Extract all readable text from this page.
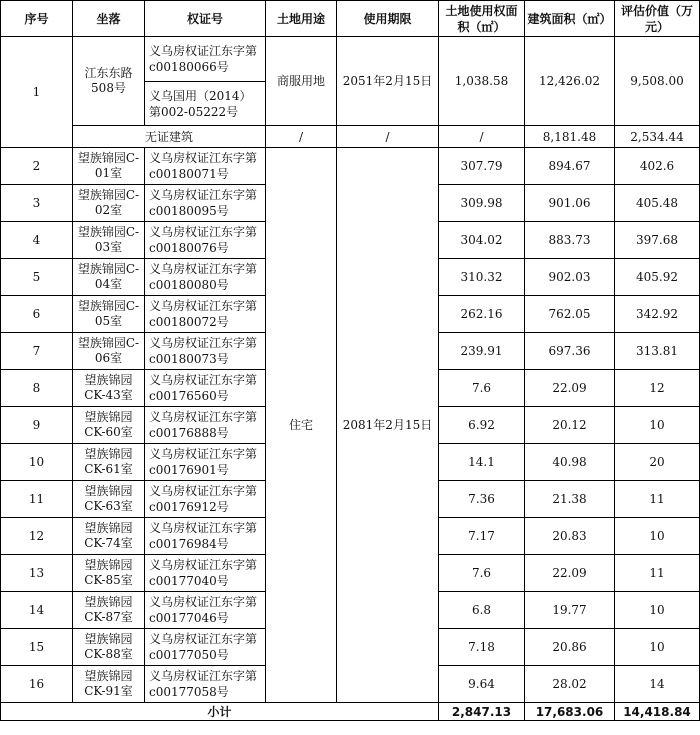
序号	坐落	权证号	土地用途	使用期限	土地使用权面积（㎡）	建筑面积（㎡）	评估价值（万元）
1	江东东路508号	义乌房权证江东字第c00180066号	商服用地	2051年2月15日	1,038.58	12,426.02	9,508.00
		义乌国用（2014）第002-05222号					
	无证建筑		/	/	/	8,181.48	2,534.44
2	望族锦园C-01室	义乌房权证江东字第c00180071号	住宅	2081年2月15日	307.79	894.67	402.6
3	望族锦园C-02室	义乌房权证江东字第c00180095号			309.98	901.06	405.48
4	望族锦园C-03室	义乌房权证江东字第c00180076号			304.02	883.73	397.68
5	望族锦园C-04室	义乌房权证江东字第c00180080号			310.32	902.03	405.92
6	望族锦园C-05室	义乌房权证江东字第c00180072号			262.16	762.05	342.92
7	望族锦园C-06室	义乌房权证江东字第c00180073号			239.91	697.36	313.81
8	望族锦园CK-43室	义乌房权证江东字第c00176560号			7.6	22.09	12
9	望族锦园CK-60室	义乌房权证江东字第c00176888号			6.92	20.12	10
10	望族锦园CK-61室	义乌房权证江东字第c00176901号			14.1	40.98	20
11	望族锦园CK-63室	义乌房权证江东字第c00176912号			7.36	21.38	11
12	望族锦园CK-74室	义乌房权证江东字第c00176984号			7.17	20.83	10
13	望族锦园CK-85室	义乌房权证江东字第c00177040号			7.6	22.09	11
14	望族锦园CK-87室	义乌房权证江东字第c00177046号			6.8	19.77	10
15	望族锦园CK-88室	义乌房权证江东字第c00177050号			7.18	20.86	10
16	望族锦园CK-91室	义乌房权证江东字第c00177058号			9.64	28.02	14
小计					2,847.13	17,683.06	14,418.84
